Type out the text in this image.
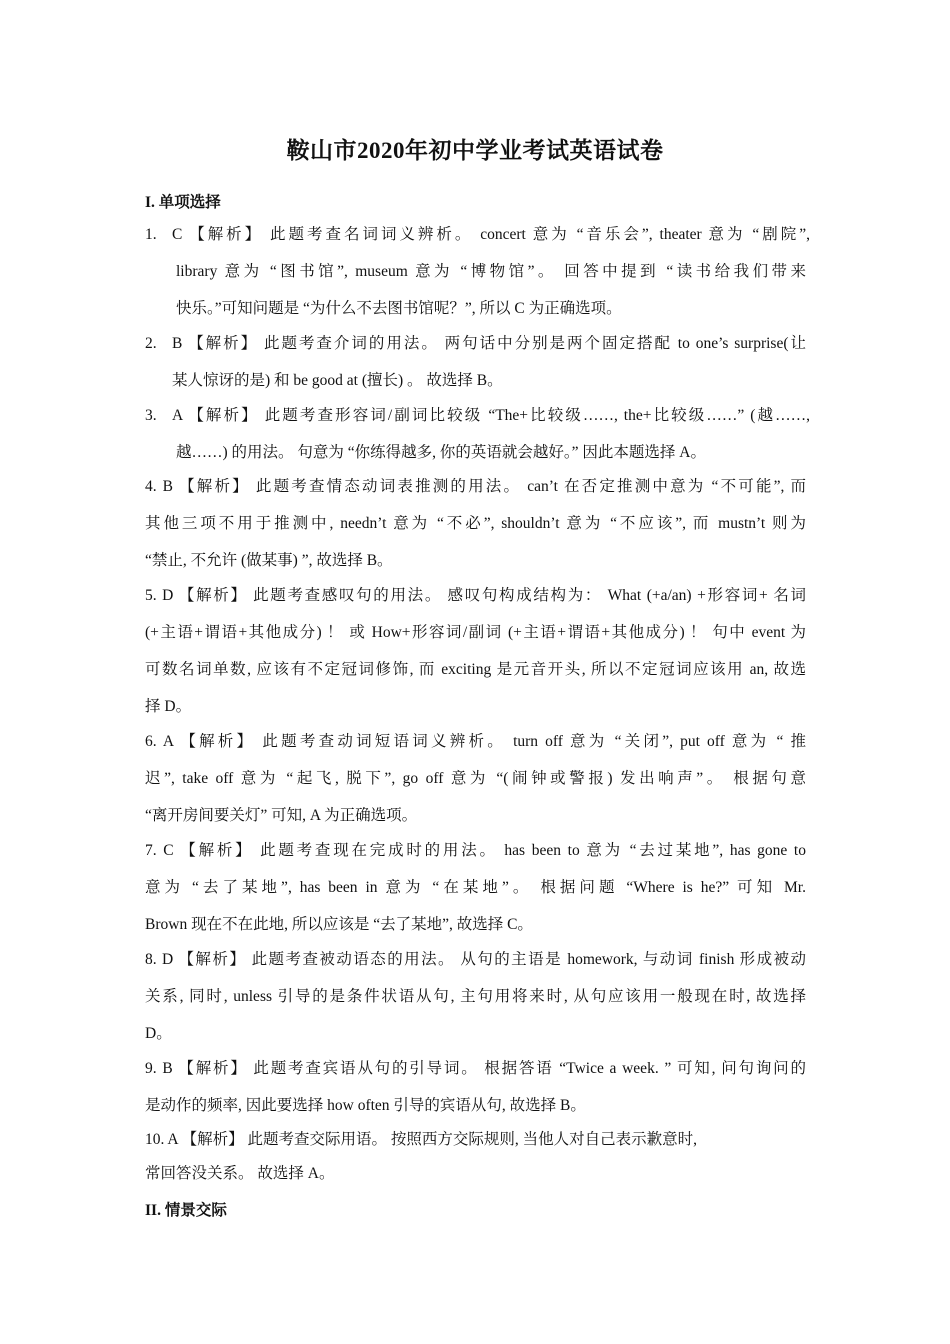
鞍山市2020年初中学业考试英语试卷
I. 单项选择
1. C 【解析】 此题考查名词词义辨析。 concert 意为 “音乐会”, theater 意为 “剧院”,
library 意为 “图书馆”, museum 意为 “博物馆”。 回答中提到 “读书给我们带来
快乐。”可知问题是 “为什么不去图书馆呢？”, 所以 C 为正确选项。
2. B 【解析】 此题考查介词的用法。 两句话中分别是两个固定搭配 to one’s surprise(让
某人惊讶的是) 和 be good at (擅长) 。 故选择 B。
3. A 【解析】 此题考查形容词/副词比较级 “The+比较级……, the+比较级……” (越……,
越……) 的用法。 句意为 “你练得越多, 你的英语就会越好。” 因此本题选择 A。
4. B 【解析】 此题考查情态动词表推测的用法。 can’t 在否定推测中意为 “不可能”, 而
其他三项不用于推测中, needn’t 意为 “不必”, shouldn’t 意为 “不应该”, 而 mustn’t 则为
“禁止, 不允许 (做某事) ”, 故选择 B。
5. D 【解析】 此题考查感叹句的用法。 感叹句构成结构为： What (+a/an) +形容词+ 名词
(+主语+谓语+其他成分) ！ 或 How+形容词/副词 (+主语+谓语+其他成分) ！ 句中 event 为
可数名词单数, 应该有不定冠词修饰, 而 exciting 是元音开头, 所以不定冠词应该用 an, 故选
择 D。
6. A 【解析】 此题考查动词短语词义辨析。 turn off 意为 “关闭”, put off 意为 “ 推
迟”, take off 意为 “起飞, 脱下”, go off 意为 “(闹钟或警报) 发出响声”。 根据句意
“离开房间要关灯” 可知, A 为正确选项。
7. C 【解析】 此题考查现在完成时的用法。 has been to 意为 “去过某地”, has gone to
意为 “去了某地”, has been in 意为 “在某地”。 根据问题 “Where is he?” 可知 Mr.
Brown 现在不在此地, 所以应该是 “去了某地”, 故选择 C。
8. D 【解析】 此题考查被动语态的用法。 从句的主语是 homework, 与动词 finish 形成被动
关系, 同时, unless 引导的是条件状语从句, 主句用将来时, 从句应该用一般现在时, 故选择
D。
9. B 【解析】 此题考查宾语从句的引导词。 根据答语 “Twice a week. ” 可知, 问句询问的
是动作的频率, 因此要选择 how often 引导的宾语从句, 故选择 B。
10. A 【解析】 此题考查交际用语。 按照西方交际规则, 当他人对自己表示歉意时,
常回答没关系。 故选择 A。
II. 情景交际
